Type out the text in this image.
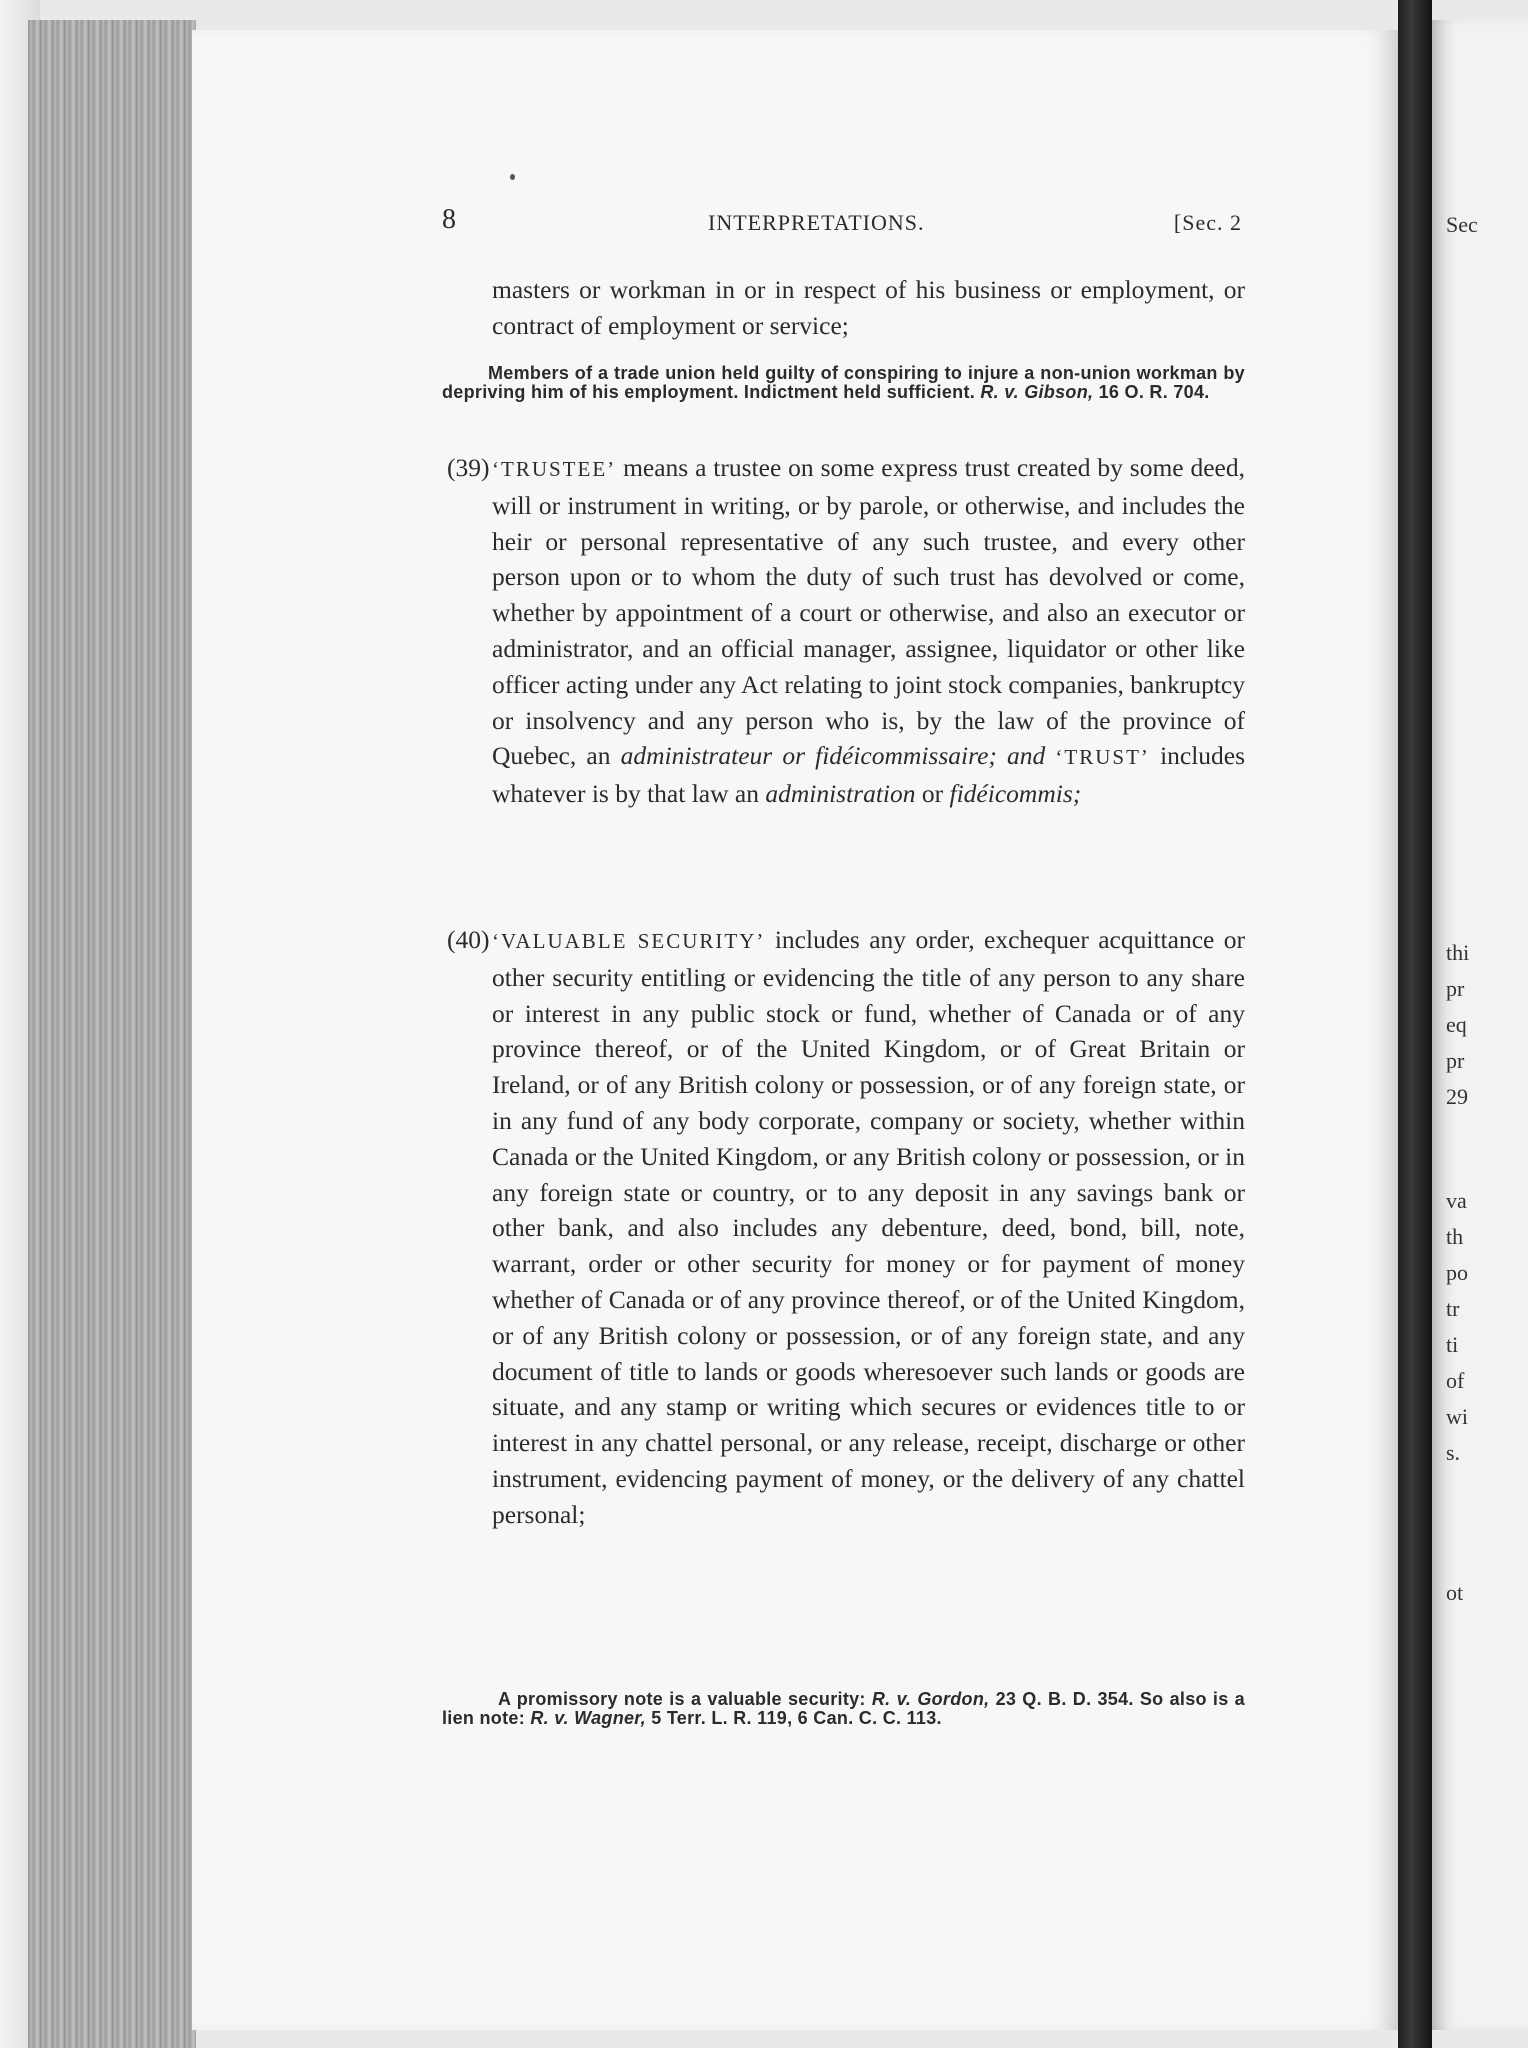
8	INTERPRETATIONS.	[Sec. 2
masters or workman in or in respect of his business or employment, or contract of employment or service;
Members of a trade union held guilty of conspiring to injure a non-union workman by depriving him of his employment. Indictment held sufficient. R. v. Gibson, 16 O. R. 704.
(39) ‘TRUSTEE’ means a trustee on some express trust created by some deed, will or instrument in writing, or by parole, or otherwise, and includes the heir or personal representative of any such trustee, and every other person upon or to whom the duty of such trust has devolved or come, whether by appointment of a court or otherwise, and also an executor or administrator, and an official manager, assignee, liquidator or other like officer acting under any Act relating to joint stock companies, bankruptcy or insolvency and any person who is, by the law of the province of Quebec, an administrateur or fidéicommissaire; and ‘TRUST’ includes whatever is by that law an administration or fidéicommis;
(40) ‘VALUABLE SECURITY’ includes any order, exchequer acquittance or other security entitling or evidencing the title of any person to any share or interest in any public stock or fund, whether of Canada or of any province thereof, or of the United Kingdom, or of Great Britain or Ireland, or of any British colony or possession, or of any foreign state, or in any fund of any body corporate, company or society, whether within Canada or the United Kingdom, or any British colony or possession, or in any foreign state or country, or to any deposit in any savings bank or other bank, and also includes any debenture, deed, bond, bill, note, warrant, order or other security for money or for payment of money whether of Canada or of any province thereof, or of the United Kingdom, or of any British colony or possession, or of any foreign state, and any document of title to lands or goods wheresoever such lands or goods are situate, and any stamp or writing which secures or evidences title to or interest in any chattel personal, or any release, receipt, discharge or other instrument, evidencing payment of money, or the delivery of any chattel personal;
A promissory note is a valuable security: R. v. Gordon, 23 Q. B. D. 354. So also is a lien note: R. v. Wagner, 5 Terr. L. R. 119, 6 Can. C. C. 113.
Sec
thi
pr
eq
pr
29
va
th
po
tr
ti
of
wi
s.
ot
